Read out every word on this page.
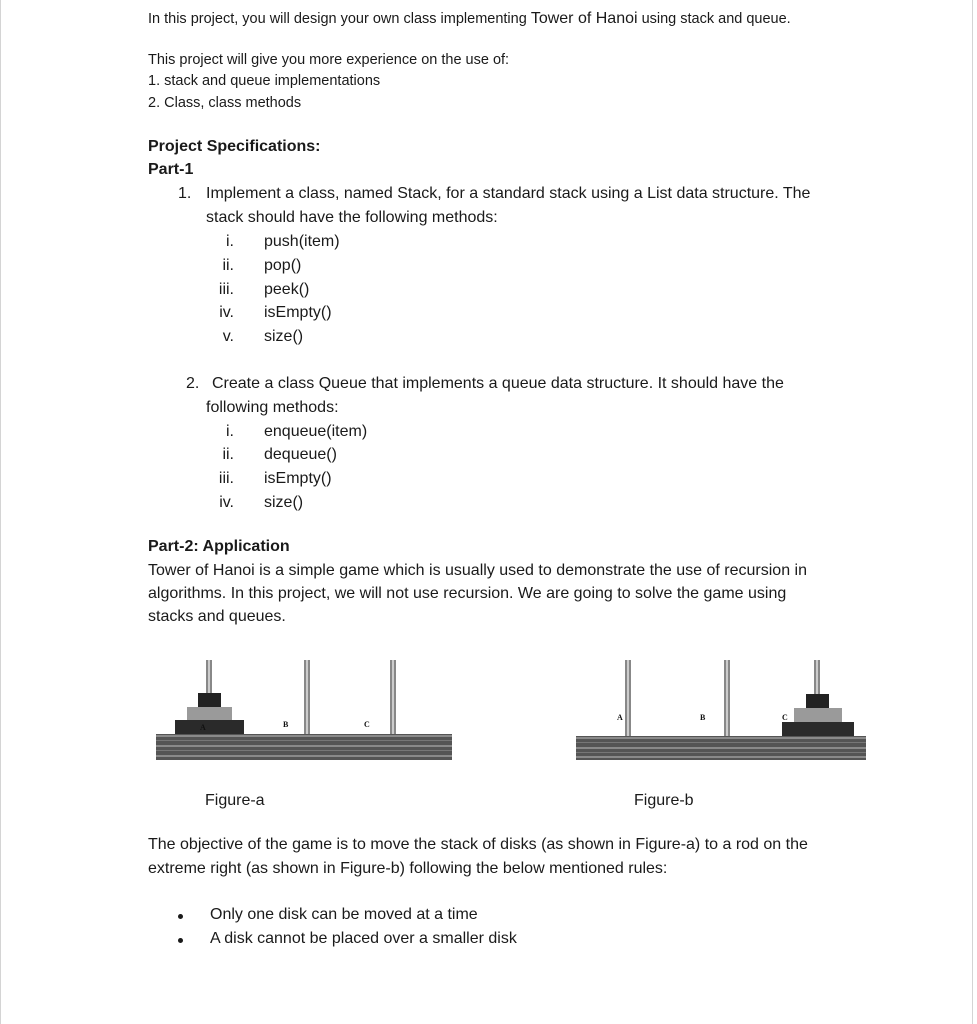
In this project, you will design your own class implementing Tower of Hanoi using stack and queue.
This project will give you more experience on the use of:
1. stack and queue implementations
2. Class, class methods
Project Specifications:
Part-1
1. Implement a class, named Stack, for a standard stack using a List data structure. The
stack should have the following methods:
i. push(item)
ii. pop()
iii. peek()
iv. isEmpty()
v. size()
2. Create a class Queue that implements a queue data structure. It should have the
following methods:
i. enqueue(item)
ii. dequeue()
iii. isEmpty()
iv. size()
Part-2: Application
Tower of Hanoi is a simple game which is usually used to demonstrate the use of recursion in
algorithms. In this project, we will not use recursion. We are going to solve the game using
stacks and queues.
A	B	C
A	B	C
Figure-a	Figure-b
The objective of the game is to move the stack of disks (as shown in Figure-a) to a rod on the
extreme right (as shown in Figure-b) following the below mentioned rules:
Only one disk can be moved at a time
A disk cannot be placed over a smaller disk
